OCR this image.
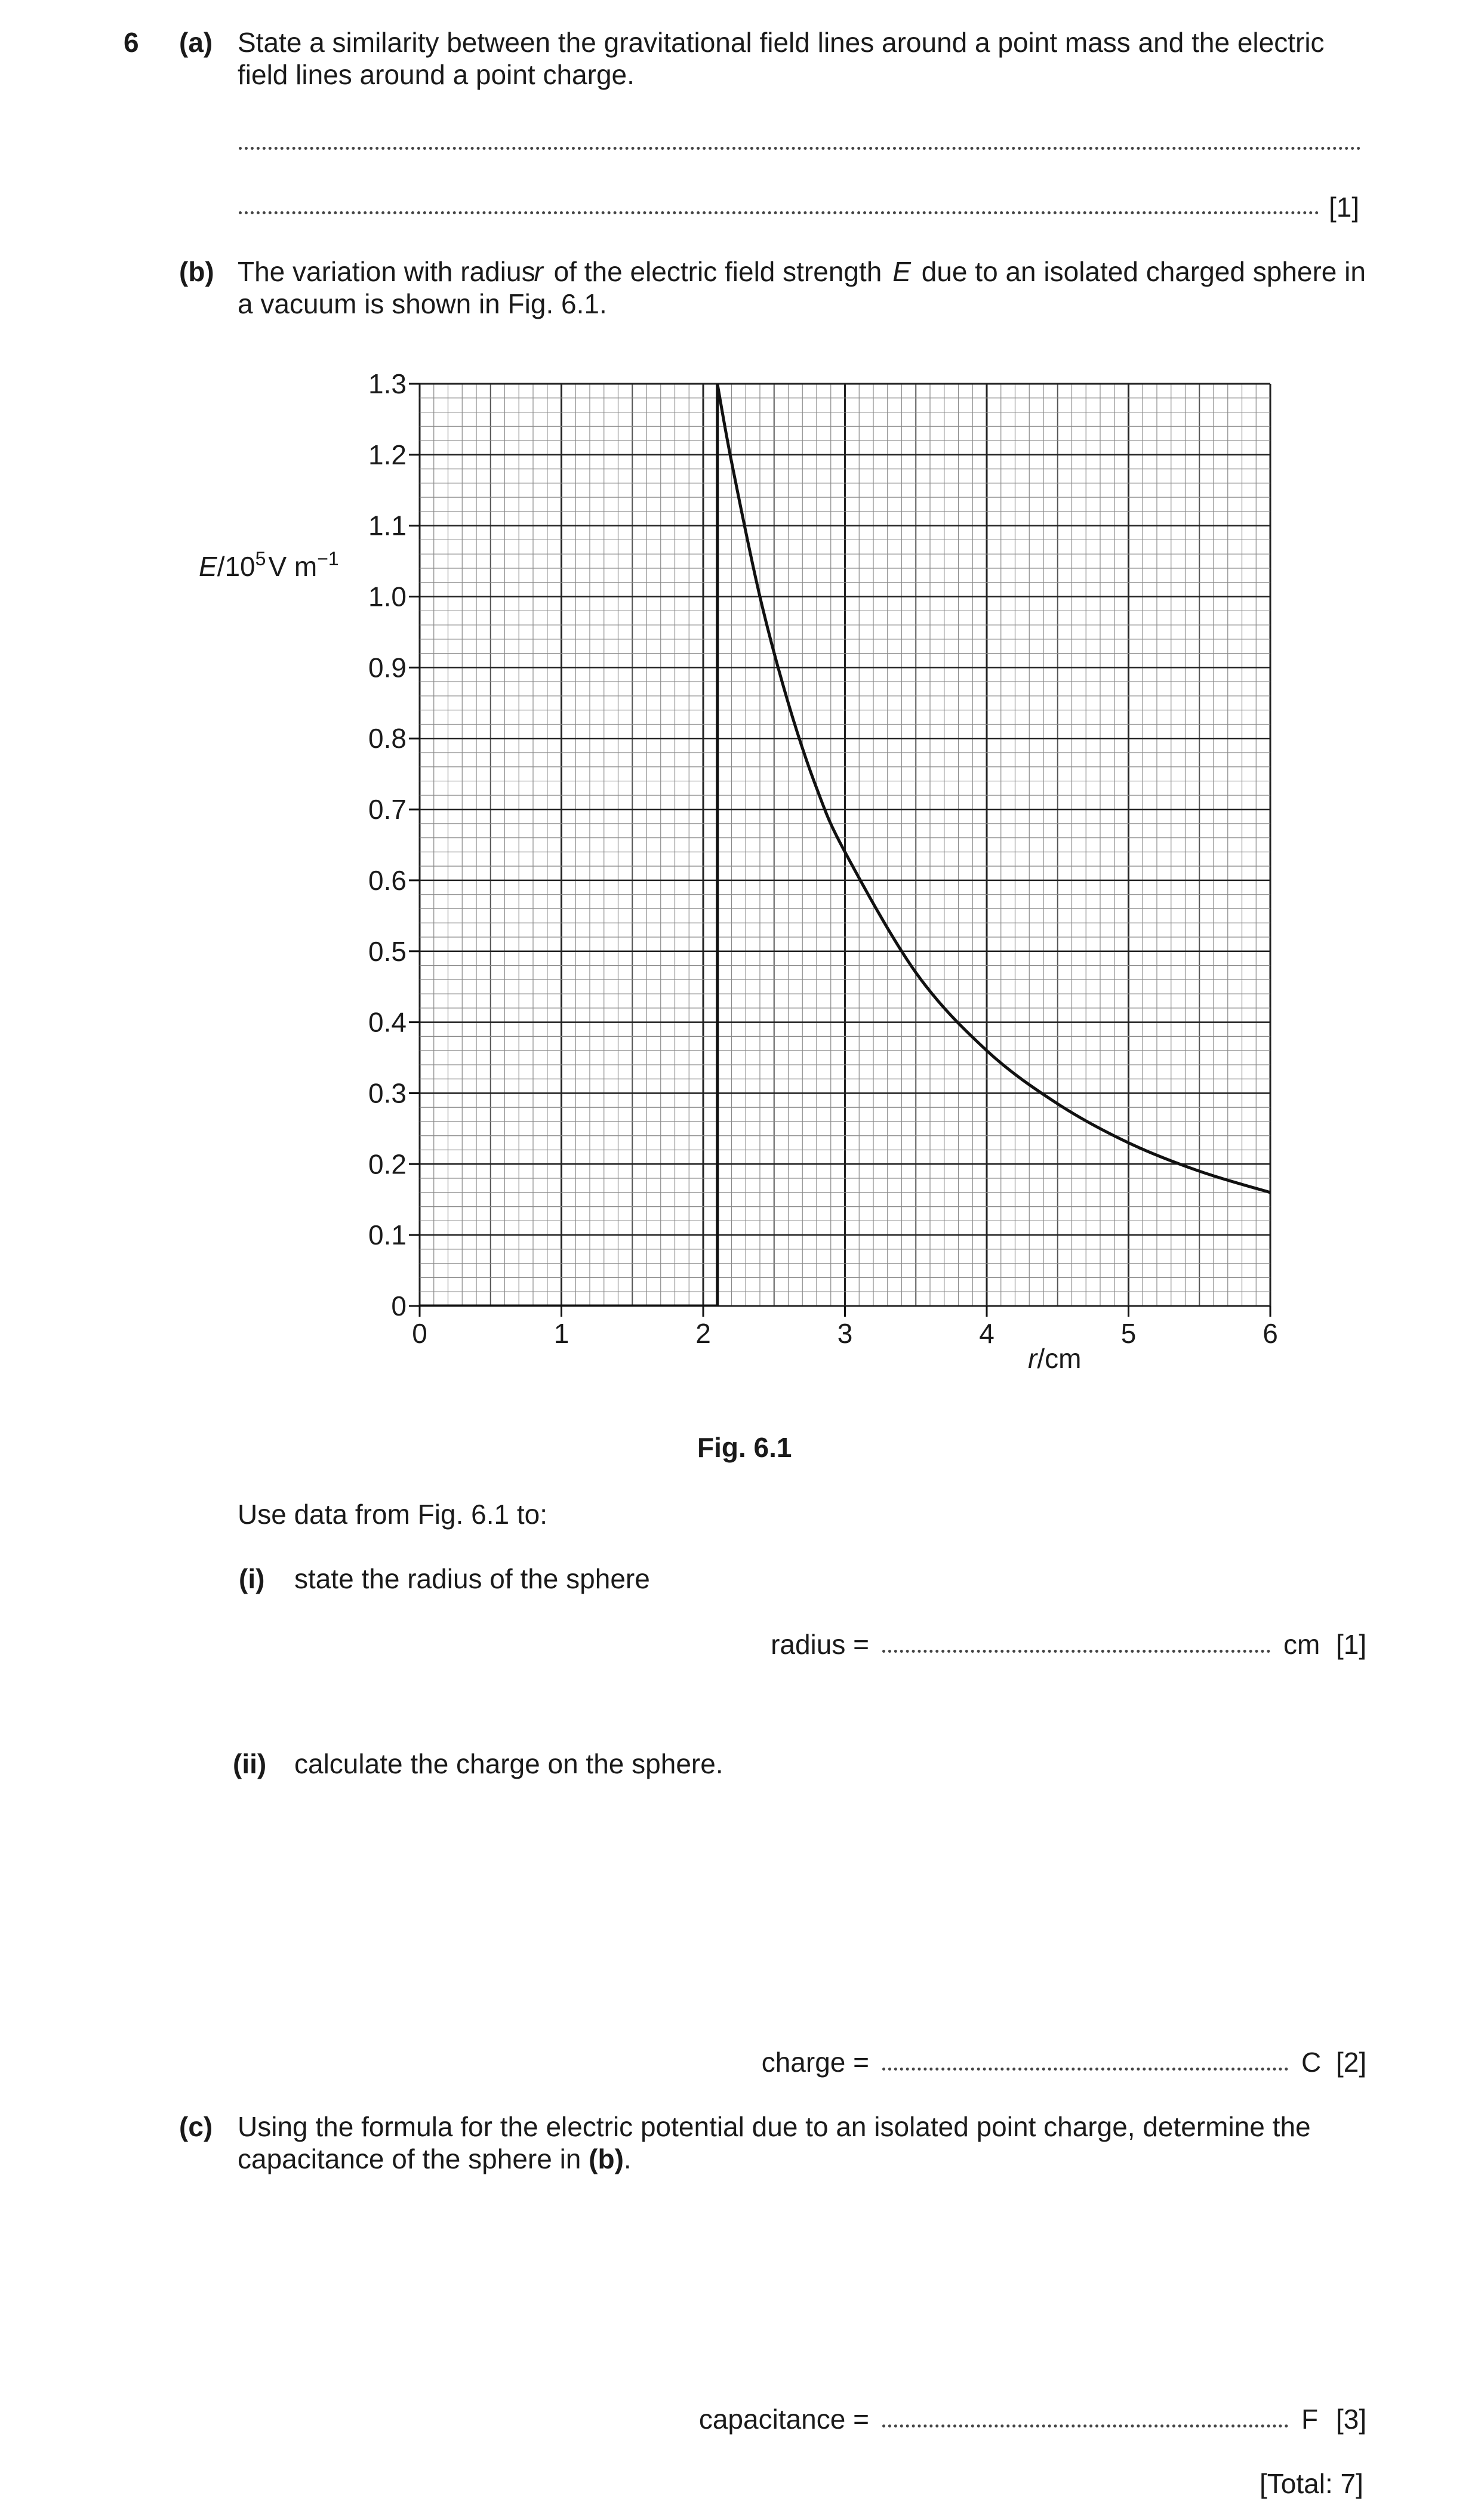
6 (a) State a similarity between the gravitational field lines around a point mass and the electric
field lines around a point charge.
[1]
(b) The variation with radius
r of the electric field strength E due to an isolated charged sphere in
a vacuum is shown in Fig. 6.1.
0	1	2	3	4	5	6
0
0.1
0.2
0.3
0.4
0.5
0.6
0.7
0.8
0.9
1.0
1.1
1.2
1.3
$E/10^5V$ $m^{-1}$
r/cm
Fig. 6.1
Use data from Fig. 6.1 to:
(i) state the radius of the sphere
radius =	cm [1]
(ii) calculate the charge on the sphere.
charge =	C [2]
(c) Using the formula for the electric potential due to an isolated point charge, determine the
capacitance of the sphere in (b).
capacitance =	F [3]
[Total: 7]
